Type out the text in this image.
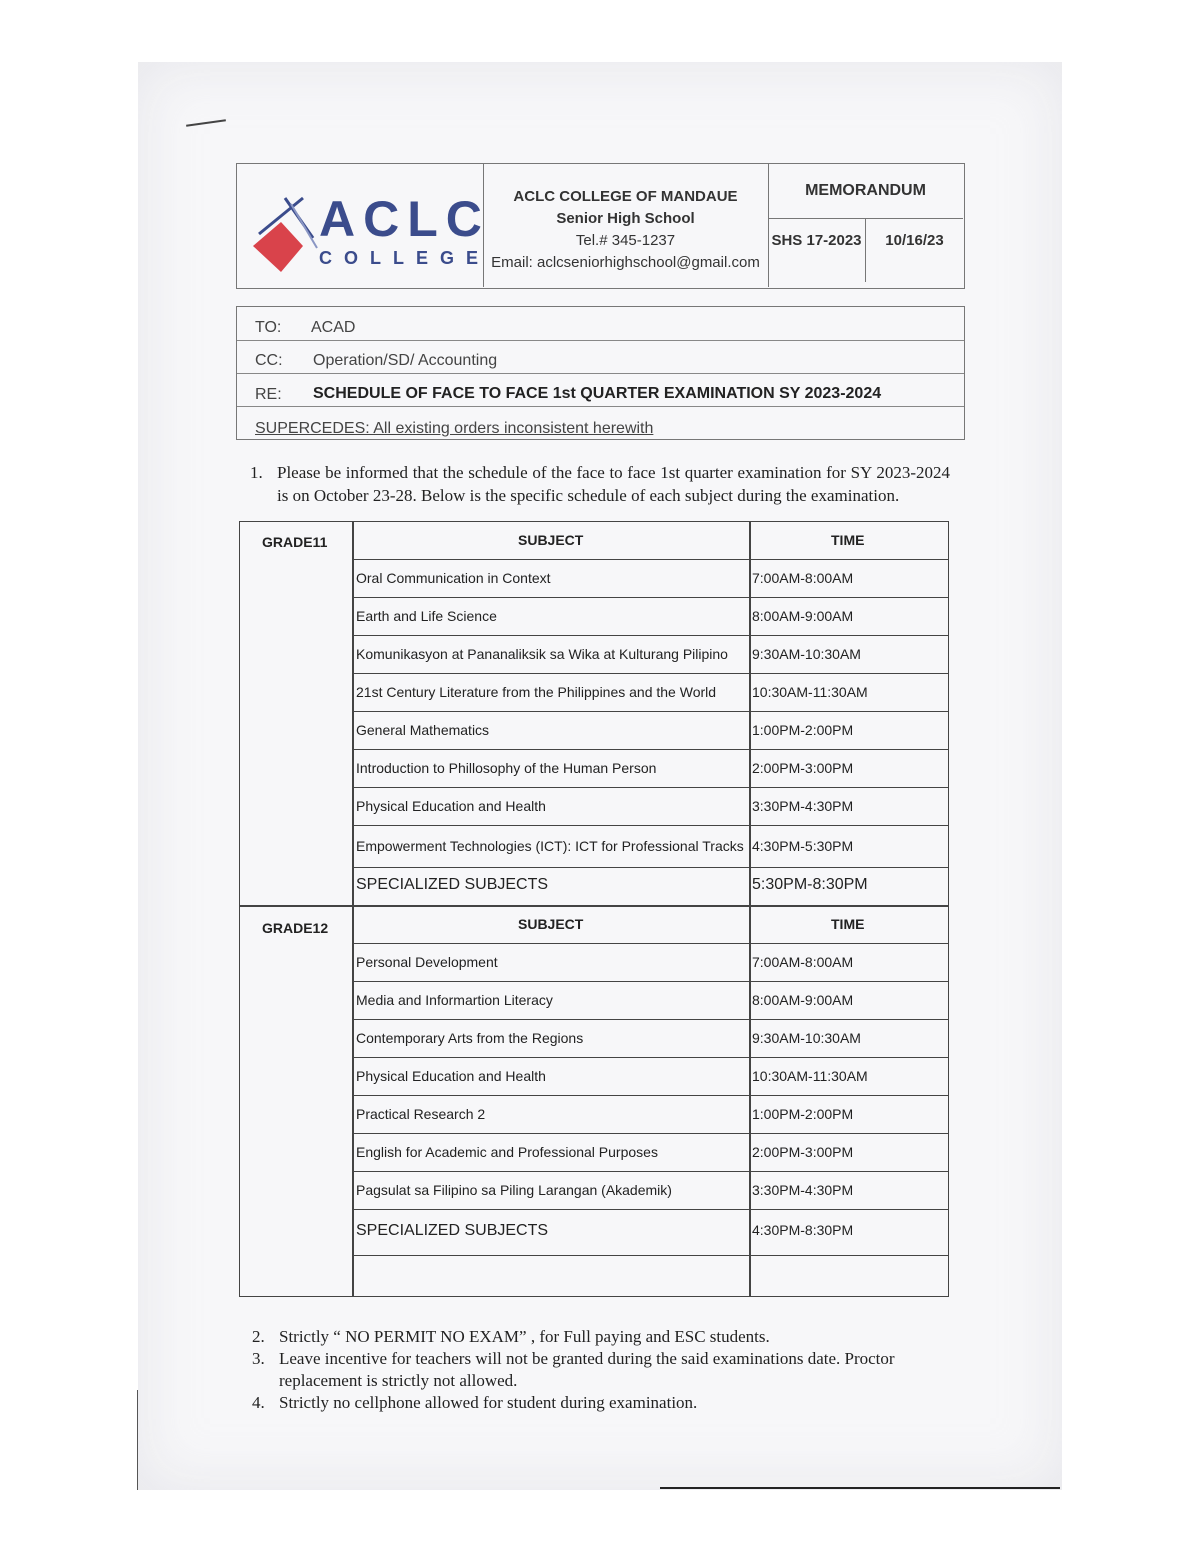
ACLC
COLLEGE
ACLC COLLEGE OF MANDAUE
Senior High School
Tel.# 345-1237
Email: aclcseniorhighschool@gmail.com
MEMORANDUM
SHS 17-2023	10/16/23
TO: ACAD
CC: Operation/SD/ Accounting
RE: SCHEDULE OF FACE TO FACE 1st QUARTER EXAMINATION SY 2023-2024
SUPERCEDES: All existing orders inconsistent herewith
1. Please be informed that the schedule of the face to face 1st quarter examination for SY 2023-2024 is on October 23-28. Below is the specific schedule of each subject during the examination.
GRADE11	SUBJECT	TIME
Oral Communication in Context	7:00AM-8:00AM
Earth and Life Science	8:00AM-9:00AM
Komunikasyon at Pananaliksik sa Wika at Kulturang Pilipino 9:30AM-10:30AM
21st Century Literature from the Philippines and the World	10:30AM-11:30AM
General Mathematics	1:00PM-2:00PM
Introduction to Phillosophy of the Human Person	2:00PM-3:00PM
Physical Education and Health	3:30PM-4:30PM
Empowerment Technologies (ICT): ICT for Professional Tracks 4:30PM-5:30PM
SPECIALIZED SUBJECTS	5:30PM-8:30PM
GRADE12	SUBJECT	TIME
Personal Development	7:00AM-8:00AM
Media and Informartion Literacy	8:00AM-9:00AM
Contemporary Arts from the Regions	9:30AM-10:30AM
Physical Education and Health	10:30AM-11:30AM
Practical Research 2	1:00PM-2:00PM
English for Academic and Professional Purposes	2:00PM-3:00PM
Pagsulat sa Filipino sa Piling Larangan (Akademik)	3:30PM-4:30PM
SPECIALIZED SUBJECTS	4:30PM-8:30PM
2. Strictly “ NO PERMIT NO EXAM” , for Full paying and ESC students.
3. Leave incentive for teachers will not be granted during the said examinations date. Proctor replacement is strictly not allowed.
4. Strictly no cellphone allowed for student during examination.
